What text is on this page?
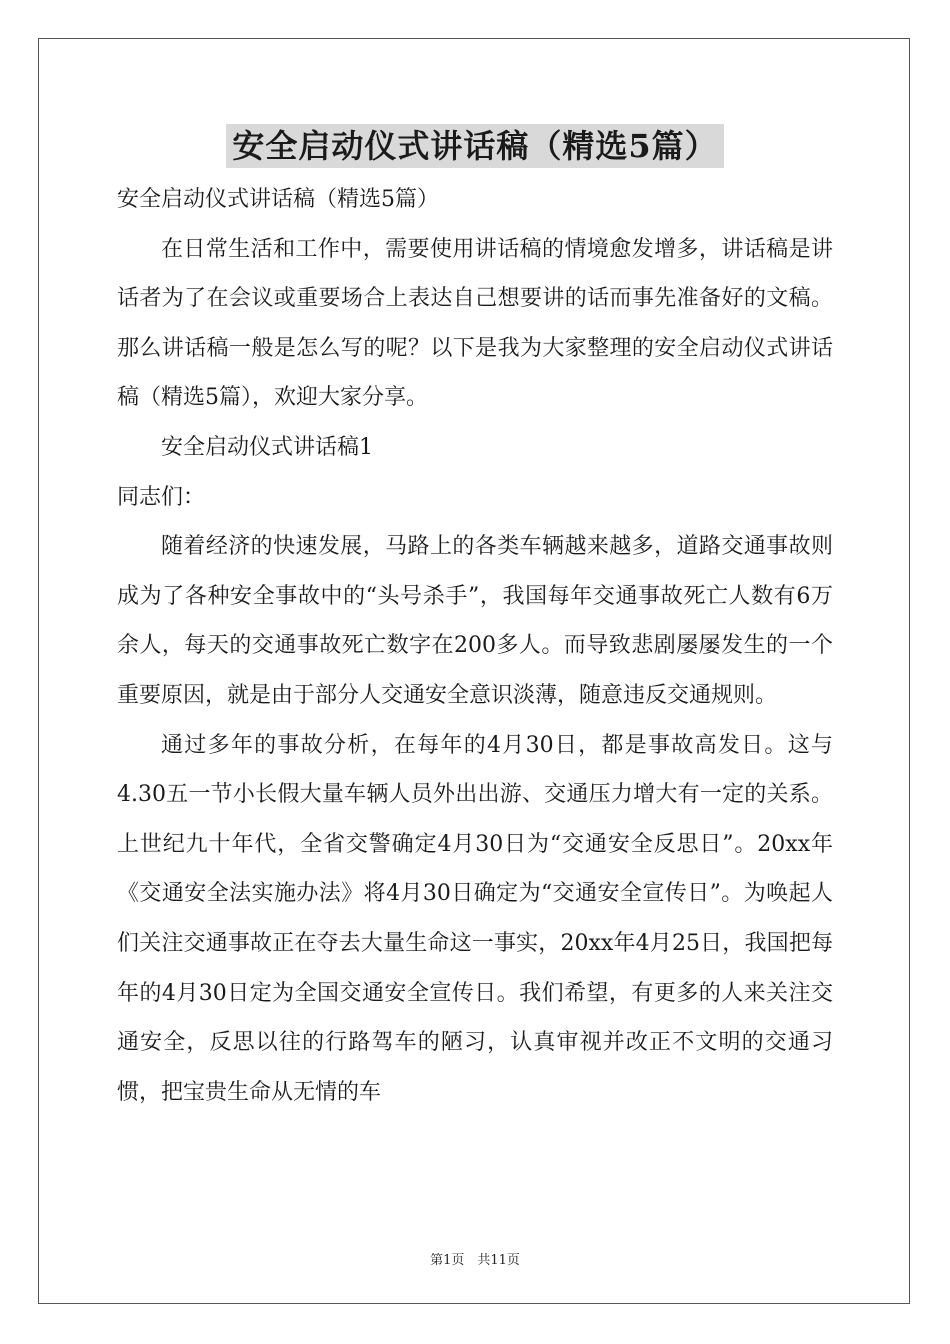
安全启动仪式讲话稿（精选5篇）

安全启动仪式讲话稿（精选5篇）

在日常生活和工作中，需要使用讲话稿的情境愈发增多，讲话稿是讲话者为了在会议或重要场合上表达自己想要讲的话而事先准备好的文稿。那么讲话稿一般是怎么写的呢？以下是我为大家整理的安全启动仪式讲话稿（精选5篇），欢迎大家分享。

安全启动仪式讲话稿1

同志们：

随着经济的快速发展，马路上的各类车辆越来越多，道路交通事故则成为了各种安全事故中的“头号杀手”，我国每年交通事故死亡人数有6万余人，每天的交通事故死亡数字在200多人。而导致悲剧屡屡发生的一个重要原因，就是由于部分人交通安全意识淡薄，随意违反交通规则。

通过多年的事故分析，在每年的4月30日，都是事故高发日。这与4.30五一节小长假大量车辆人员外出出游、交通压力增大有一定的关系。上世纪九十年代，全省交警确定4月30日为“交通安全反思日”。20xx年《交通安全法实施办法》将4月30日确定为“交通安全宣传日”。为唤起人们关注交通事故正在夺去大量生命这一事实，20xx年4月25日，我国把每年的4月30日定为全国交通安全宣传日。我们希望，有更多的人来关注交通安全，反思以往的行路驾车的陋习，认真审视并改正不文明的交通习惯，把宝贵生命从无情的车

第1页　共11页
